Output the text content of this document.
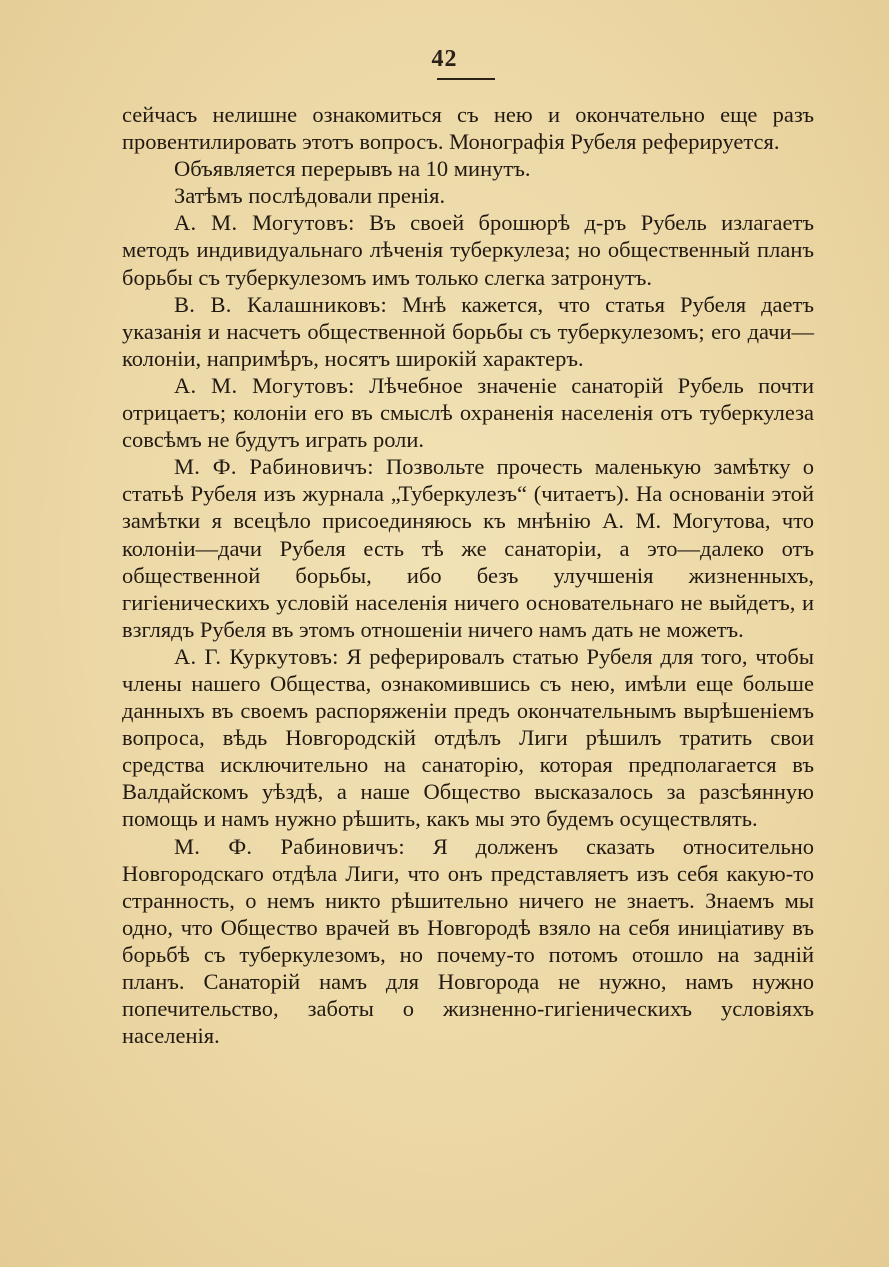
42

сейчасъ нелишне ознакомиться съ нею и окончательно еще разъ провентилировать этотъ вопросъ. Монографія Рубеля реферируется.

Объявляется перерывъ на 10 минутъ.

Затѣмъ послѣдовали пренія.

А. М. Могутовъ: Въ своей брошюрѣ д-ръ Рубель излагаетъ методъ индивидуальнаго лѣченія туберкулеза; но общественный планъ борьбы съ туберкулезомъ имъ только слегка затронутъ.

В. В. Калашниковъ: Мнѣ кажется, что статья Рубеля даетъ указанія и насчетъ общественной борьбы съ туберкулезомъ; его дачи—колоніи, напримѣръ, носятъ широкій характеръ.

А. М. Могутовъ: Лѣчебное значеніе санаторій Рубель почти отрицаетъ; колоніи его въ смыслѣ охраненія населенія отъ туберкулеза совсѣмъ не будутъ играть роли.

М. Ф. Рабиновичъ: Позвольте прочесть маленькую замѣтку о статьѣ Рубеля изъ журнала „Туберкулезъ“ (читаетъ). На основаніи этой замѣтки я всецѣло присоединяюсь къ мнѣнію А. М. Могутова, что колоніи—дачи Рубеля есть тѣ же санаторіи, а это—далеко отъ общественной борьбы, ибо безъ улучшенія жизненныхъ, гигіеническихъ условій населенія ничего основательнаго не выйдетъ, и взглядъ Рубеля въ этомъ отношеніи ничего намъ дать не можетъ.

А. Г. Куркутовъ: Я реферировалъ статью Рубеля для того, чтобы члены нашего Общества, ознакомившись съ нею, имѣли еще больше данныхъ въ своемъ распоряженіи предъ окончательнымъ вырѣшеніемъ вопроса, вѣдь Новгородскій отдѣлъ Лиги рѣшилъ тратить свои средства исключительно на санаторію, которая предполагается въ Валдайскомъ уѣздѣ, а наше Общество высказалось за разсѣянную помощь и намъ нужно рѣшить, какъ мы это будемъ осуществлять.

М. Ф. Рабиновичъ: Я долженъ сказать относительно Новгородскаго отдѣла Лиги, что онъ представляетъ изъ себя какую-то странность, о немъ никто рѣшительно ничего не знаетъ. Знаемъ мы одно, что Общество врачей въ Новгородѣ взяло на себя иниціативу въ борьбѣ съ туберкулезомъ, но почему-то потомъ отошло на задній планъ. Санаторій намъ для Новгорода не нужно, намъ нужно попечительство, заботы о жизненно-гигіеническихъ условіяхъ населенія.
